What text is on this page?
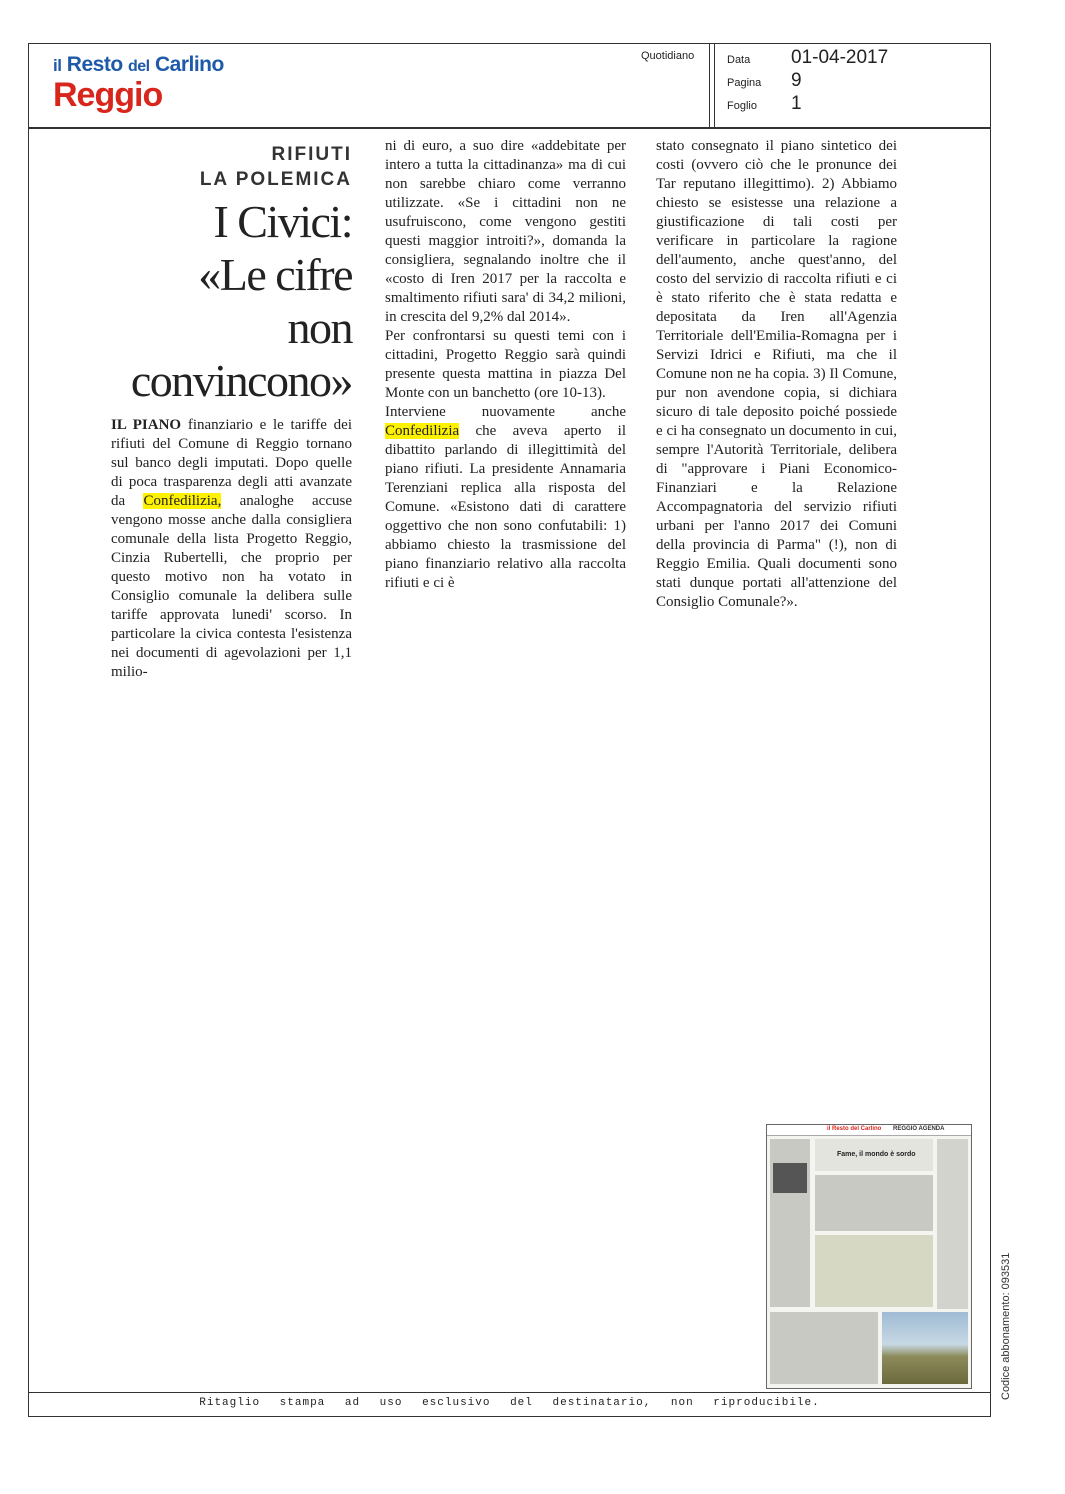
il Resto del Carlino
Reggio
Quotidiano	Data 01-04-2017
Pagina 9
Foglio 1
Ritaglio stampa ad uso esclusivo del destinatario, non riproducibile.
RIFIUTI
LA POLEMICA
I Civici:
«Le cifre
non
convincono»

IL PIANO finanziario e le tariffe dei rifiuti del Comune di Reggio tornano sul banco degli imputati. Dopo quelle di poca trasparenza degli atti avanzate da Confedilizia, analoghe accuse vengono mosse anche dalla consigliera comunale della lista Progetto Reggio, Cinzia Rubertelli, che proprio per questo motivo non ha votato in Consiglio comunale la delibera sulle tariffe approvata lunedi' scorso. In particolare la civica contesta l'esistenza nei documenti di agevolazioni per 1,1 milio-

ni di euro, a suo dire «addebitate per intero a tutta la cittadinanza» ma di cui non sarebbe chiaro come verranno utilizzate. «Se i cittadini non ne usufruiscono, come vengono gestiti questi maggior introiti?», domanda la consigliera, segnalando inoltre che il «costo di Iren 2017 per la raccolta e smaltimento rifiuti sara' di 34,2 milioni, in crescita del 9,2% dal 2014».

Per confrontarsi su questi temi con i cittadini, Progetto Reggio sarà quindi presente questa mattina in piazza Del Monte con un banchetto (ore 10-13).

Interviene nuovamente anche Confedilizia che aveva aperto il dibattito parlando di illegittimità del piano rifiuti. La presidente Annamaria Terenziani replica alla risposta del Comune. «Esistono dati di carattere oggettivo che non sono confutabili: 1) abbiamo chiesto la trasmissione del piano finanziario relativo alla raccolta rifiuti e ci è

stato consegnato il piano sintetico dei costi (ovvero ciò che le pronunce dei Tar reputano illegittimo). 2) Abbiamo chiesto se esistesse una relazione a giustificazione di tali costi per verificare in particolare la ragione dell'aumento, anche quest'anno, del costo del servizio di raccolta rifiuti e ci è stato riferito che è stata redatta e depositata da Iren all'Agenzia Territoriale dell'Emilia-Romagna per i Servizi Idrici e Rifiuti, ma che il Comune non ne ha copia. 3) Il Comune, pur non avendone copia, si dichiara sicuro di tale deposito poiché possiede e ci ha consegnato un documento in cui, sempre l'Autorità Territoriale, delibera di "approvare i Piani Economico-Finanziari e la Relazione Accompagnatoria del servizio rifiuti urbani per l'anno 2017 dei Comuni della provincia di Parma" (!), non di Reggio Emilia. Quali documenti sono stati dunque portati all'attenzione del Consiglio Comunale?».

il Resto del Carlino REGGIO AGENDA
Fame, il mondo è sordo
Codice abbonamento: 093531
